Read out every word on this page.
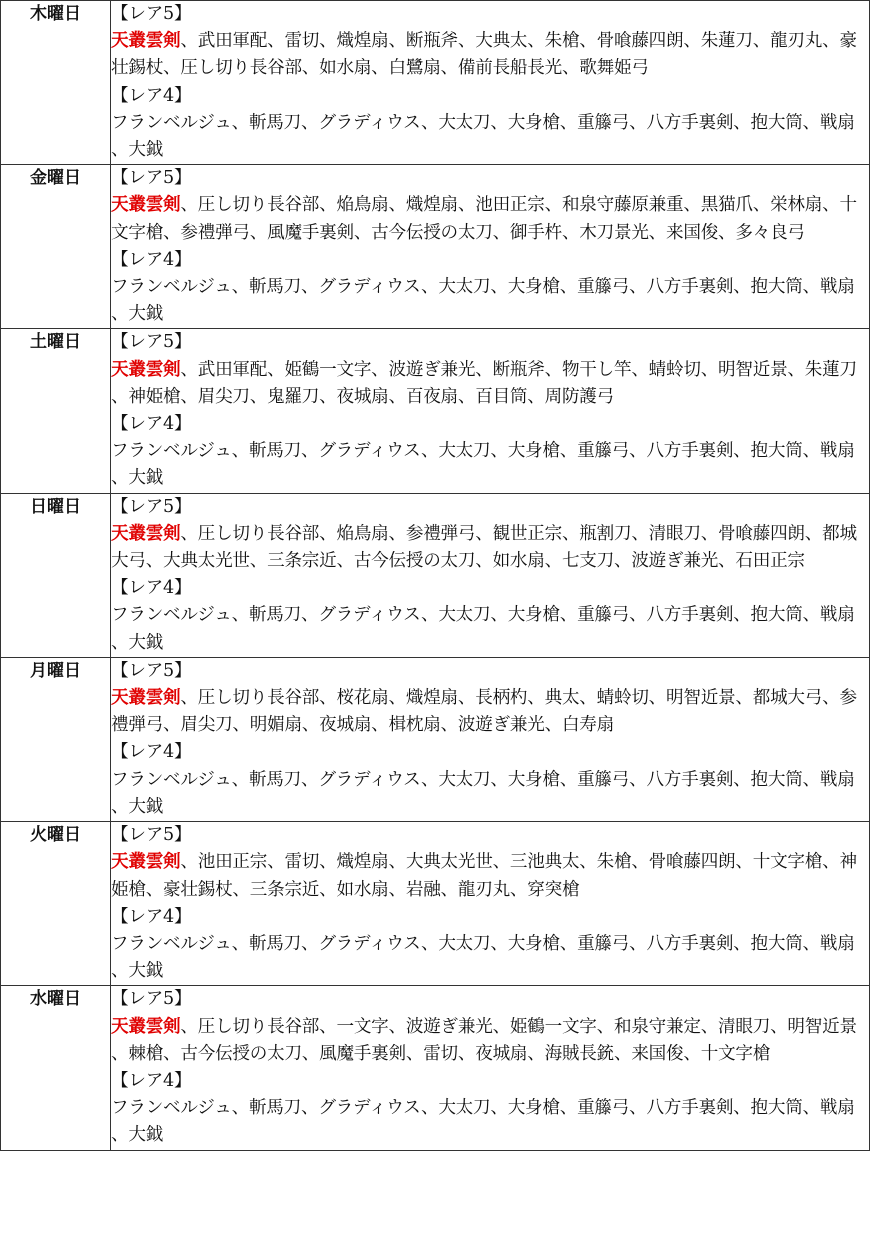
木曜日	【レア5】
天叢雲剣、武田軍配、雷切、熾煌扇、断瓶斧、大典太、朱槍、骨喰藤四朗、朱蓮刀、龍刃丸、豪壮錫杖、圧し切り長谷部、如水扇、白鷺扇、備前長船長光、歌舞姫弓
【レア4】
フランベルジュ、斬馬刀、グラディウス、大太刀、大身槍、重籐弓、八方手裏剣、抱大筒、戦扇、大鉞

金曜日	【レア5】
天叢雲剣、圧し切り長谷部、焔鳥扇、熾煌扇、池田正宗、和泉守藤原兼重、黒猫爪、栄林扇、十文字槍、参禮弾弓、風魔手裏剣、古今伝授の太刀、御手杵、木刀景光、来国俊、多々良弓
【レア4】
フランベルジュ、斬馬刀、グラディウス、大太刀、大身槍、重籐弓、八方手裏剣、抱大筒、戦扇、大鉞

土曜日	【レア5】
天叢雲剣、武田軍配、姫鶴一文字、波遊ぎ兼光、断瓶斧、物干し竿、蜻蛉切、明智近景、朱蓮刀、神姫槍、眉尖刀、鬼羅刀、夜城扇、百夜扇、百目筒、周防護弓
【レア4】
フランベルジュ、斬馬刀、グラディウス、大太刀、大身槍、重籐弓、八方手裏剣、抱大筒、戦扇、大鉞

日曜日	【レア5】
天叢雲剣、圧し切り長谷部、焔鳥扇、参禮弾弓、観世正宗、瓶割刀、清眼刀、骨喰藤四朗、都城大弓、大典太光世、三条宗近、古今伝授の太刀、如水扇、七支刀、波遊ぎ兼光、石田正宗
【レア4】
フランベルジュ、斬馬刀、グラディウス、大太刀、大身槍、重籐弓、八方手裏剣、抱大筒、戦扇、大鉞

月曜日	【レア5】
天叢雲剣、圧し切り長谷部、桜花扇、熾煌扇、長柄杓、典太、蜻蛉切、明智近景、都城大弓、参禮弾弓、眉尖刀、明媚扇、夜城扇、楫枕扇、波遊ぎ兼光、白寿扇
【レア4】
フランベルジュ、斬馬刀、グラディウス、大太刀、大身槍、重籐弓、八方手裏剣、抱大筒、戦扇、大鉞

火曜日	【レア5】
天叢雲剣、池田正宗、雷切、熾煌扇、大典太光世、三池典太、朱槍、骨喰藤四朗、十文字槍、神姫槍、豪壮錫杖、三条宗近、如水扇、岩融、龍刃丸、穿突槍
【レア4】
フランベルジュ、斬馬刀、グラディウス、大太刀、大身槍、重籐弓、八方手裏剣、抱大筒、戦扇、大鉞

水曜日	【レア5】
天叢雲剣、圧し切り長谷部、一文字、波遊ぎ兼光、姫鶴一文字、和泉守兼定、清眼刀、明智近景、棘槍、古今伝授の太刀、風魔手裏剣、雷切、夜城扇、海賊長銃、来国俊、十文字槍
【レア4】
フランベルジュ、斬馬刀、グラディウス、大太刀、大身槍、重籐弓、八方手裏剣、抱大筒、戦扇、大鉞
